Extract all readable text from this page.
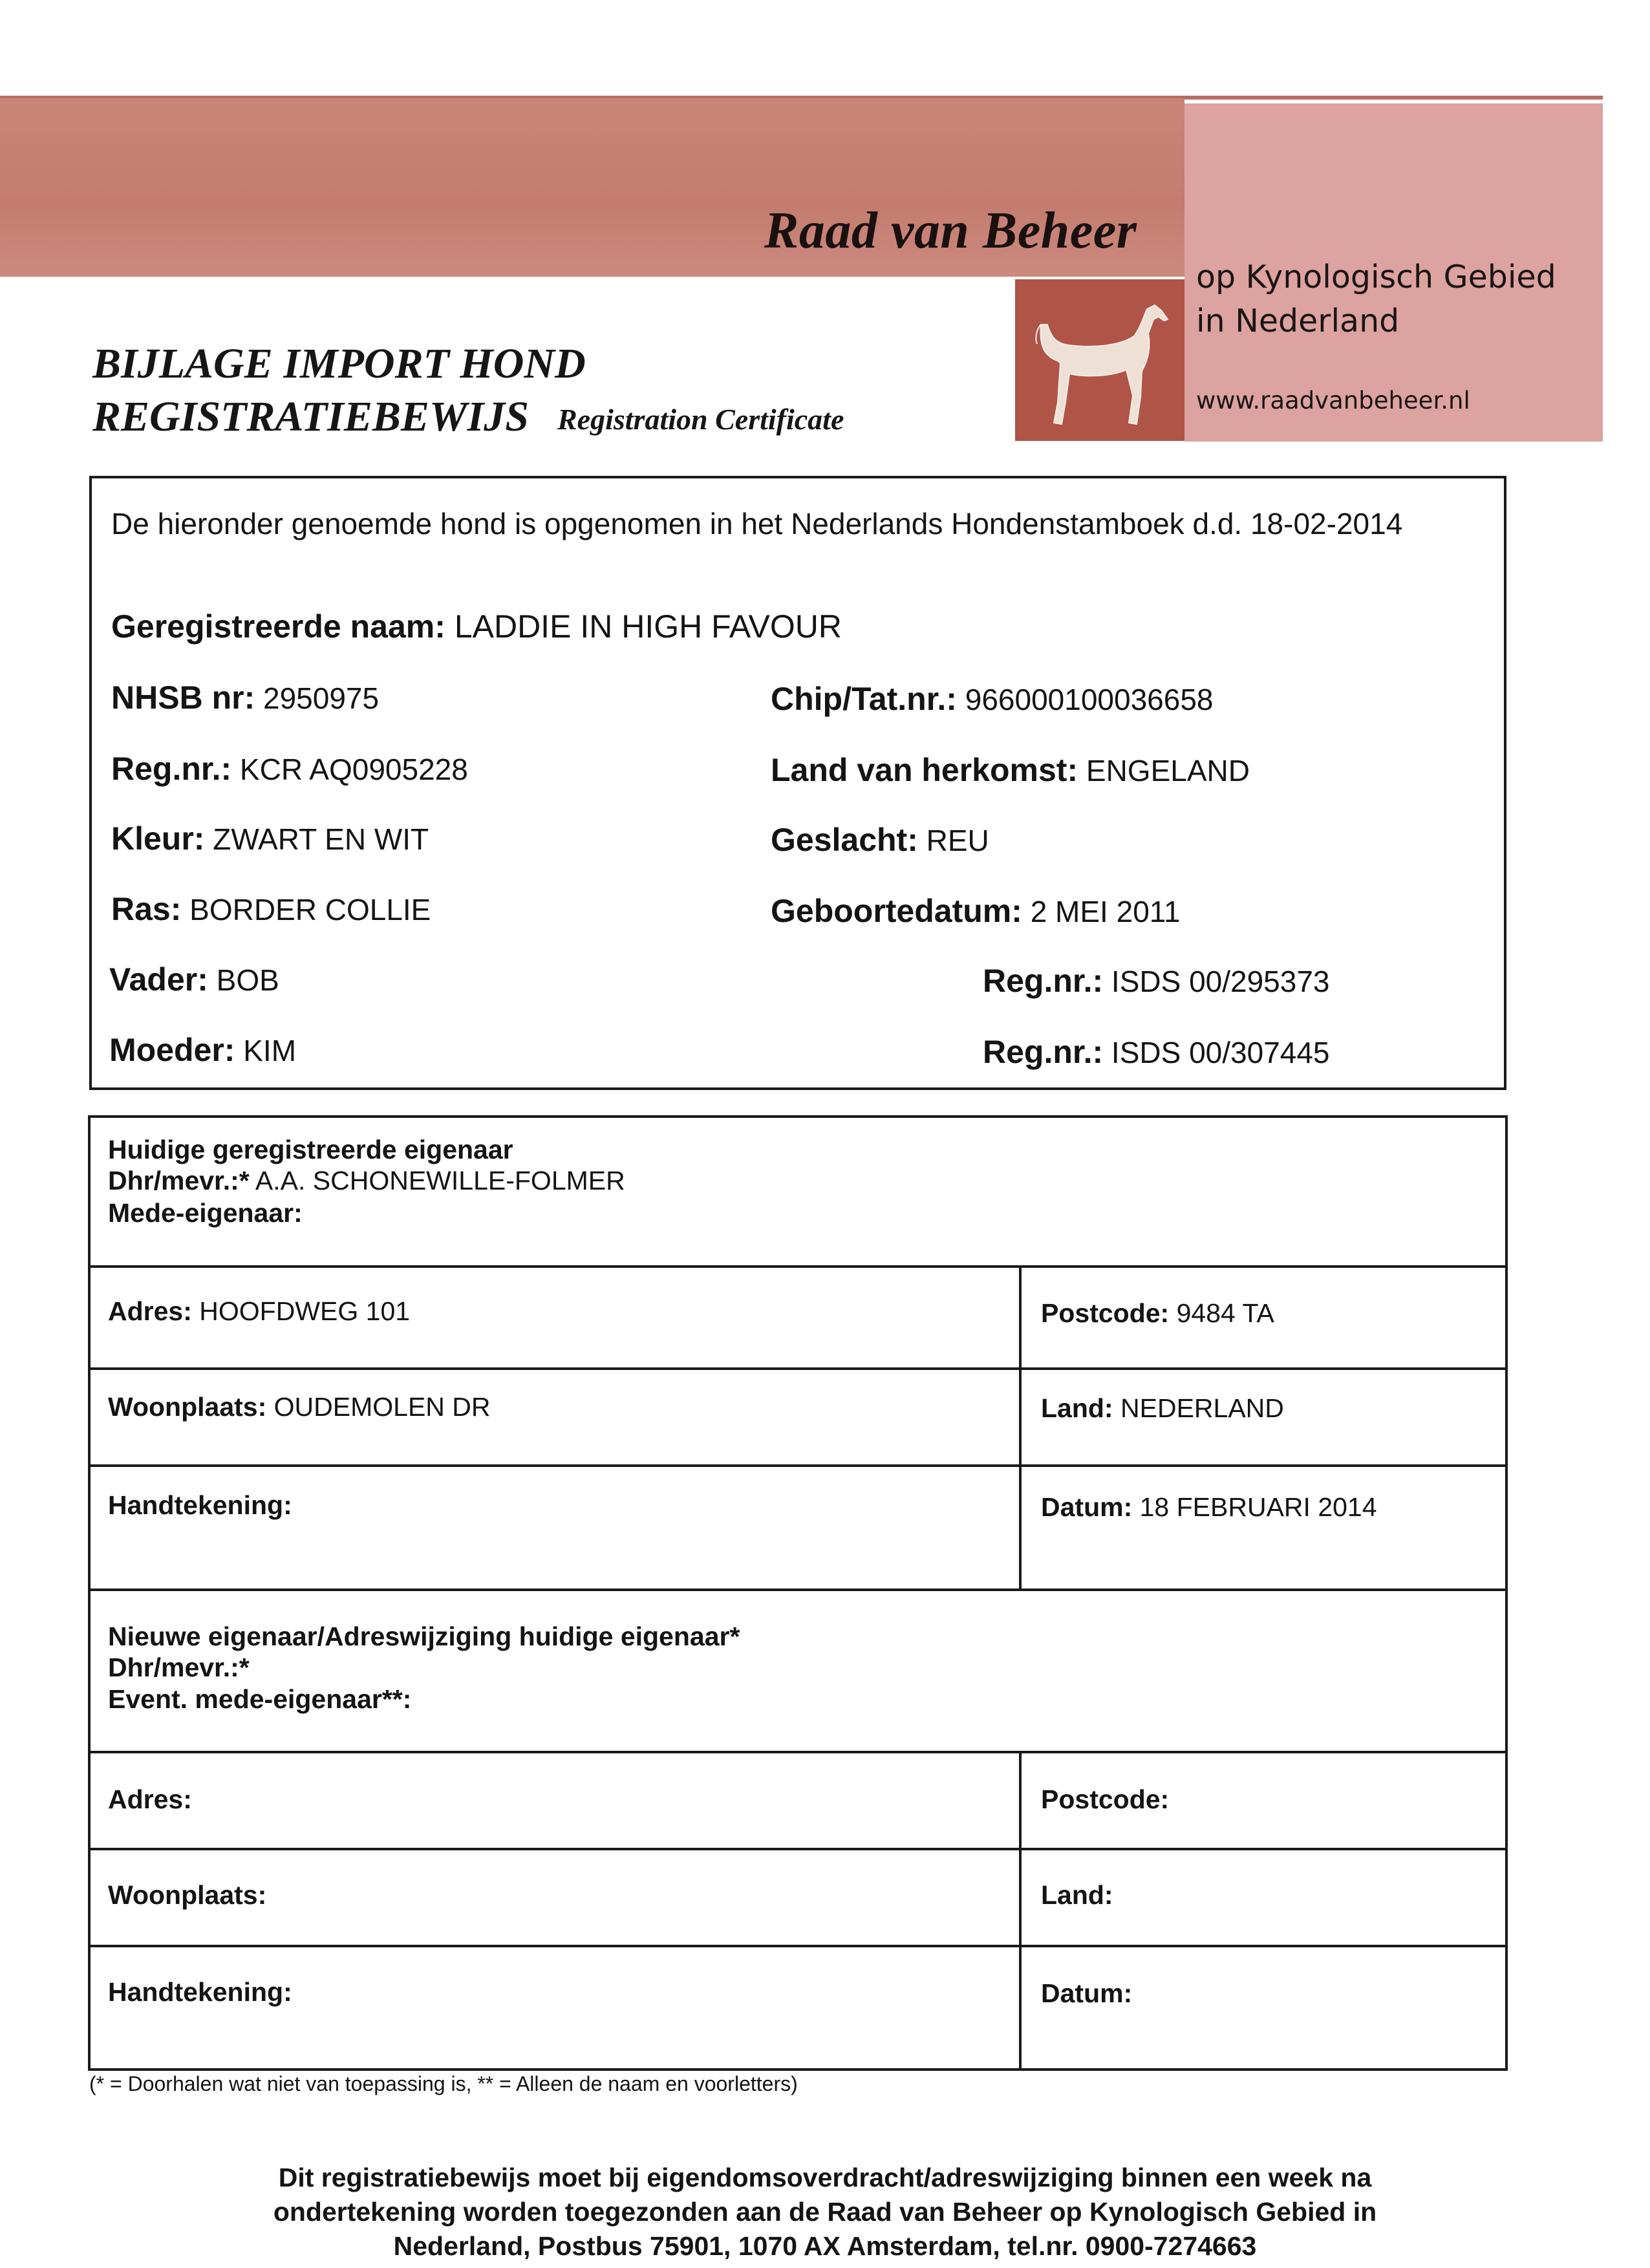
Raad van Beheer
op Kynologisch Gebied
in Nederland
www.raadvanbeheer.nl
BIJLAGE IMPORT HOND
REGISTRATIEBEWIJS Registration Certificate
De hieronder genoemde hond is opgenomen in het Nederlands Hondenstamboek d.d. 18-02-2014
Geregistreerde naam: LADDIE IN HIGH FAVOUR
NHSB nr: 2950975	Chip/Tat.nr.: 966000100036658
Reg.nr.: KCR AQ0905228	Land van herkomst: ENGELAND
Kleur: ZWART EN WIT	Geslacht: REU
Ras: BORDER COLLIE	Geboortedatum: 2 MEI 2011
Vader: BOB	Reg.nr.: ISDS 00/295373
Moeder: KIM	Reg.nr.: ISDS 00/307445
Huidige geregistreerde eigenaar
Dhr/mevr.:* A.A. SCHONEWILLE-FOLMER
Mede-eigenaar:
Adres: HOOFDWEG 101	Postcode: 9484 TA
Woonplaats: OUDEMOLEN DR	Land: NEDERLAND
Handtekening:	Datum: 18 FEBRUARI 2014
Nieuwe eigenaar/Adreswijziging huidige eigenaar*
Dhr/mevr.:*
Event. mede-eigenaar**:
Adres:	Postcode:
Woonplaats:	Land:
Handtekening:	Datum:
(* = Doorhalen wat niet van toepassing is, ** = Alleen de naam en voorletters)
Dit registratiebewijs moet bij eigendomsoverdracht/adreswijziging binnen een week na
ondertekening worden toegezonden aan de Raad van Beheer op Kynologisch Gebied in
Nederland, Postbus 75901, 1070 AX Amsterdam, tel.nr. 0900-7274663
